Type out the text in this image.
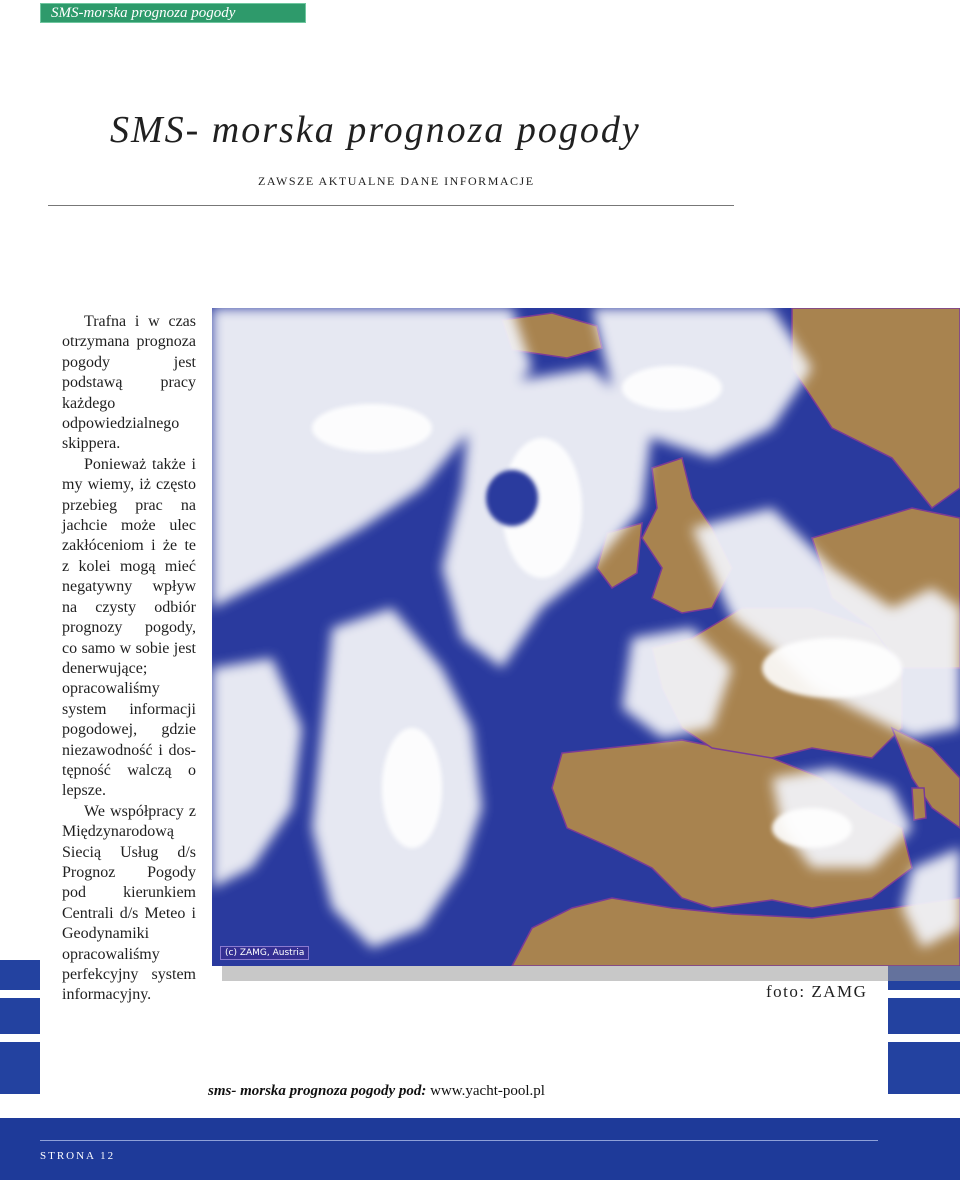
SMS-morska prognoza pogody
SMS- morska prognoza pogody
ZAWSZE AKTUALNE DANE INFORMACJE

Trafna i w czas otrzymana prognoza pogody jest podstawą pracy każdego odpowiedzialnego skippera.

Ponieważ także i my wiemy, iż często przebieg prac na jachcie może ulec zakłóceniom i że te z kolei mogą mieć negatywny wpływ na czysty odbiór prognozy pogody, co samo w sobie jest denerwujące; opracowaliśmy system informacji pogodowej, gdzie niezawodność i dos-tępność walczą o lepsze.

We współpracy z Międzynarodową Siecią Usług d/s Prognoz Pogody pod kierunkiem Centrali d/s Meteo i Geodynamiki opracowaliśmy perfekcyjny system informacyjny.

(c) ZAMG, Austria
foto: ZAMG
sms- morska prognoza pogody pod: www.yacht-pool.pl
STRONA 12
